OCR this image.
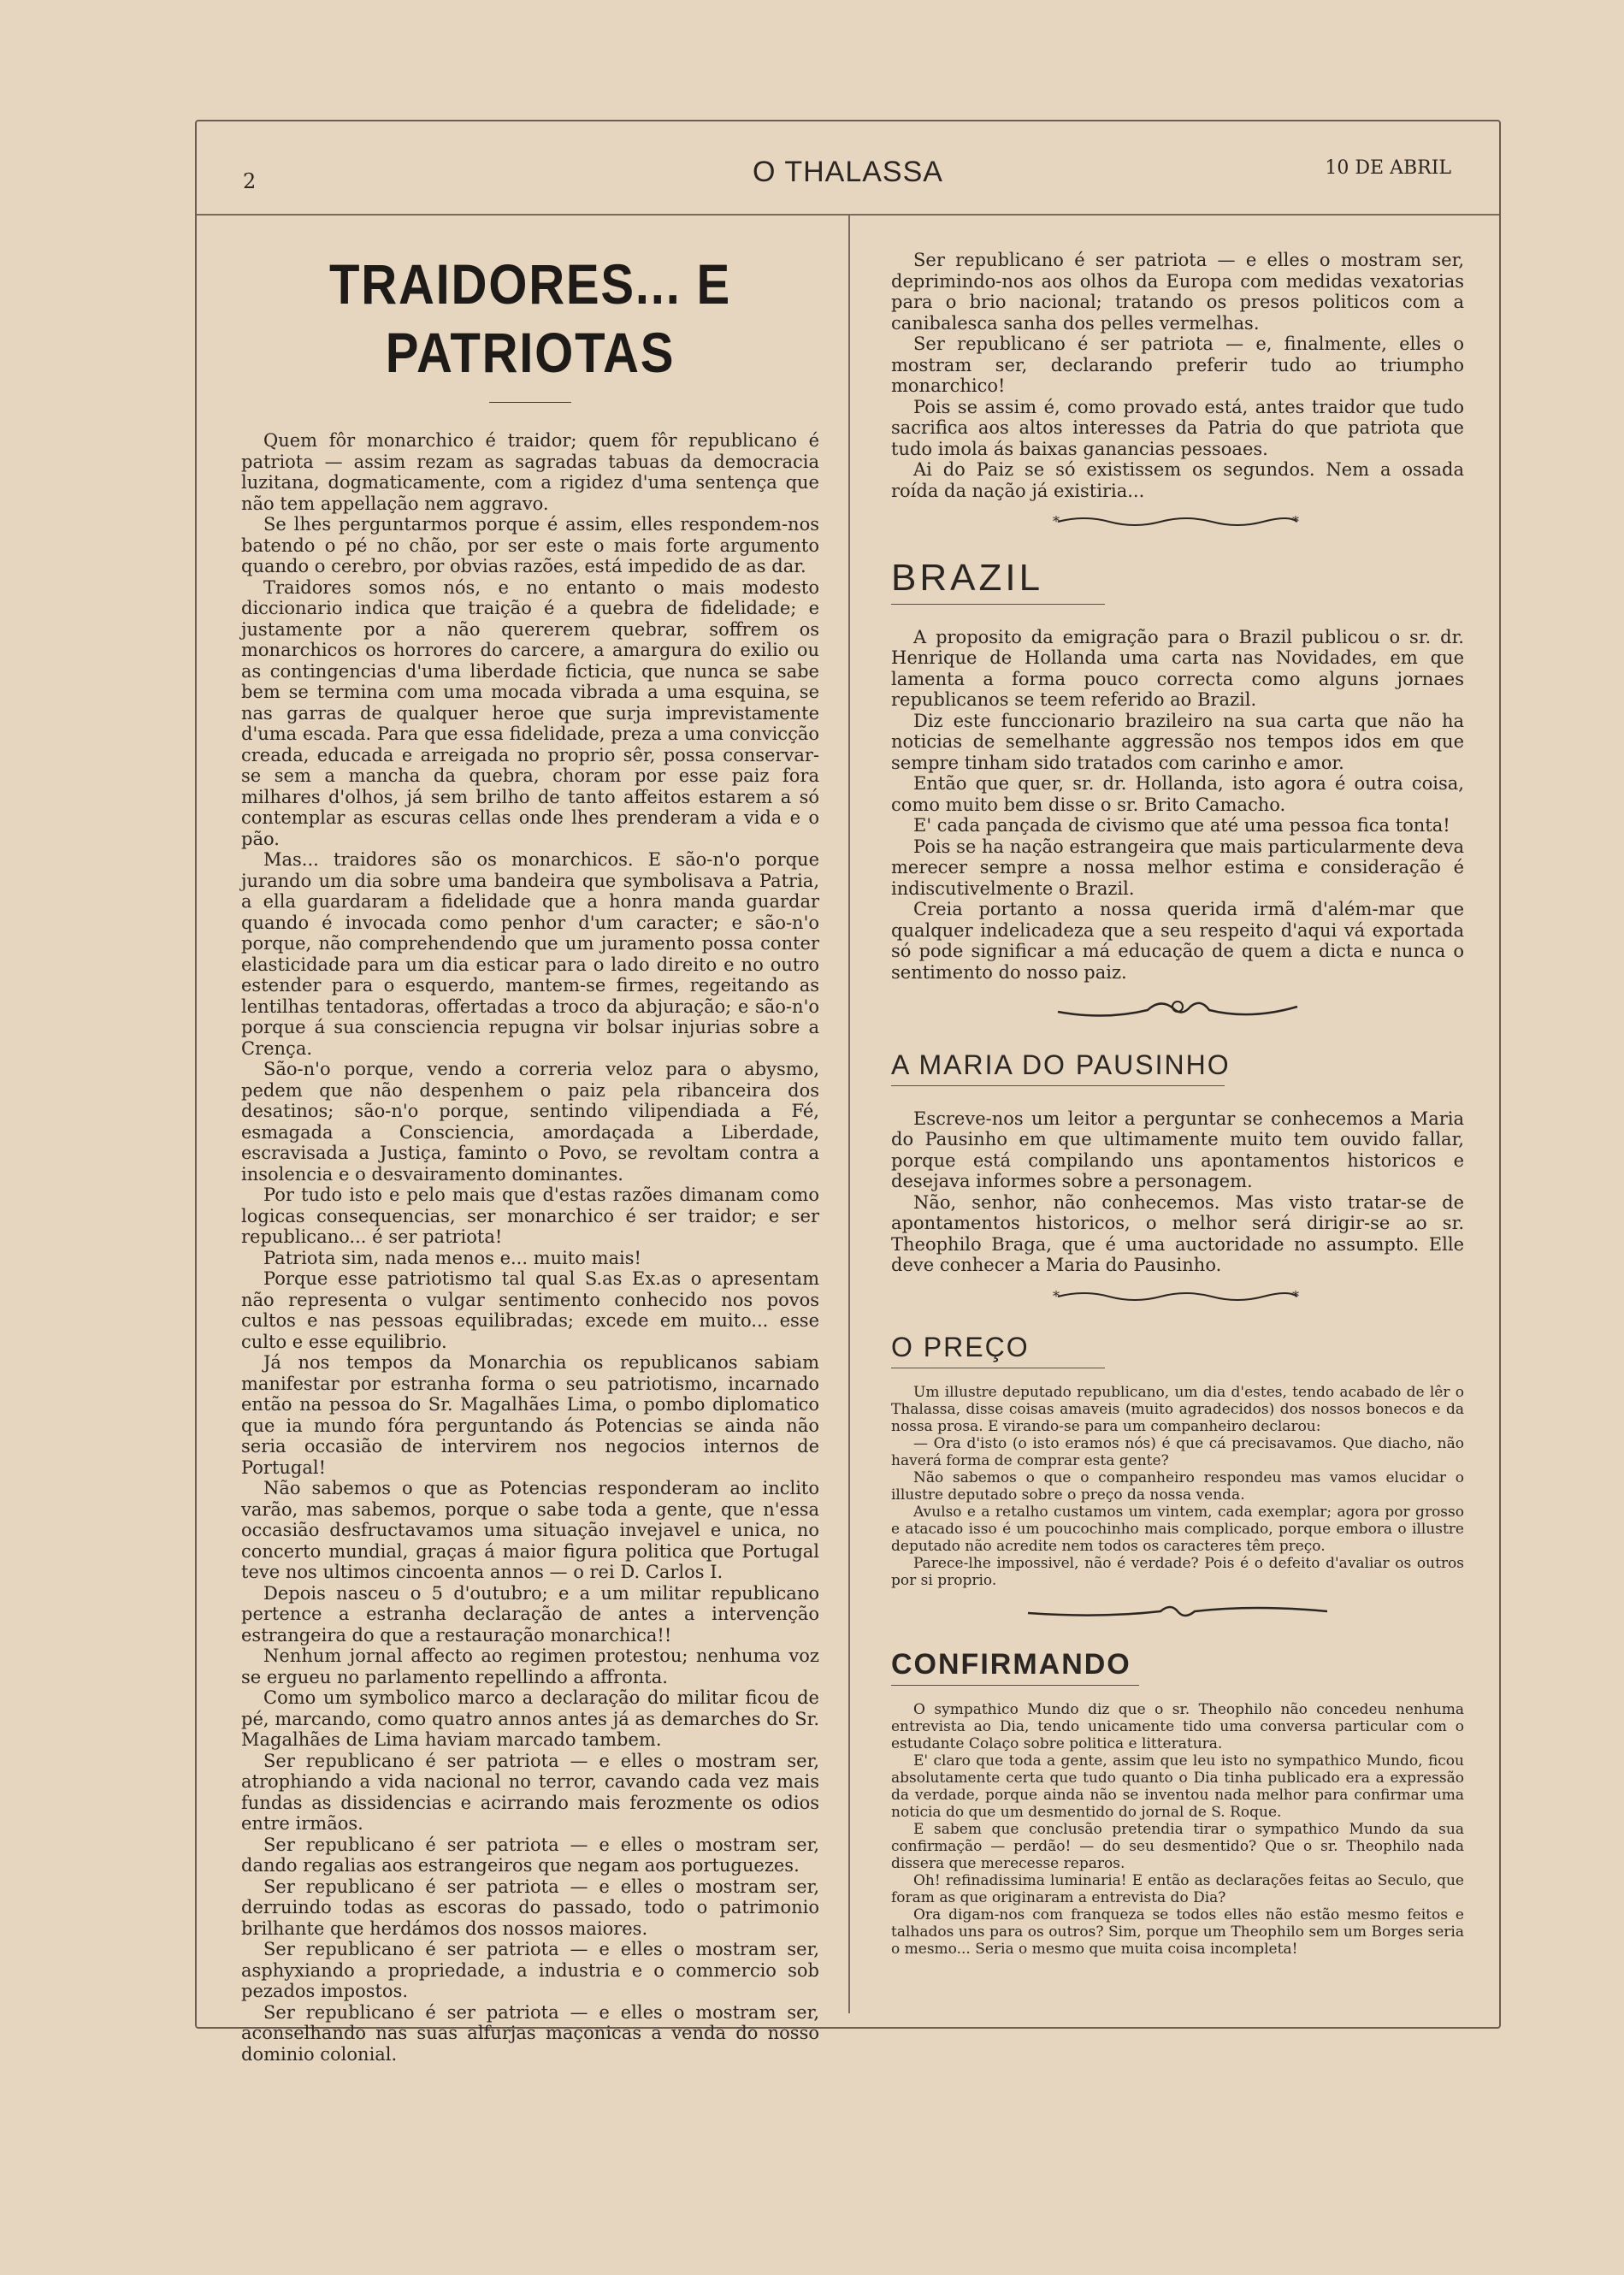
2	O THALASSA	10 DE ABRIL
TRAIDORES... E PATRIOTAS

Quem fôr monarchico é traidor; quem fôr republicano é patriota — assim rezam as sagradas tabuas da democracia luzitana, dogmaticamente, com a rigidez d'uma sentença que não tem appellação nem aggravo.

Se lhes perguntarmos porque é assim, elles respondem-nos batendo o pé no chão, por ser este o mais forte argumento quando o cerebro, por obvias razões, está impedido de as dar.

Traidores somos nós, e no entanto o mais modesto diccionario indica que traição é a quebra de fidelidade; e justamente por a não quererem quebrar, soffrem os monarchicos os horrores do carcere, a amargura do exilio ou as contingencias d'uma liberdade ficticia, que nunca se sabe bem se termina com uma mocada vibrada a uma esquina, se nas garras de qualquer heroe que surja imprevistamente d'uma escada. Para que essa fidelidade, preza a uma convicção creada, educada e arreigada no proprio sêr, possa conservar-se sem a mancha da quebra, choram por esse paiz fora milhares d'olhos, já sem brilho de tanto affeitos estarem a só contemplar as escuras cellas onde lhes prenderam a vida e o pão.

Mas... traidores são os monarchicos. E são-n'o porque jurando um dia sobre uma bandeira que symbolisava a Patria, a ella guardaram a fidelidade que a honra manda guardar quando é invocada como penhor d'um caracter; e são-n'o porque, não comprehendendo que um juramento possa conter elasticidade para um dia esticar para o lado direito e no outro estender para o esquerdo, mantem-se firmes, regeitando as lentilhas tentadoras, offertadas a troco da abjuração; e são-n'o porque á sua consciencia repugna vir bolsar injurias sobre a Crença.

São-n'o porque, vendo a correria veloz para o abysmo, pedem que não despenhem o paiz pela ribanceira dos desatinos; são-n'o porque, sentindo vilipendiada a Fé, esmagada a Consciencia, amordaçada a Liberdade, escravisada a Justiça, faminto o Povo, se revoltam contra a insolencia e o desvairamento dominantes.

Por tudo isto e pelo mais que d'estas razões dimanam como logicas consequencias, ser monarchico é ser traidor; e ser republicano... é ser patriota!

Patriota sim, nada menos e... muito mais!

Porque esse patriotismo tal qual S.as Ex.as o apresentam não representa o vulgar sentimento conhecido nos povos cultos e nas pessoas equilibradas; excede em muito... esse culto e esse equilibrio.

Já nos tempos da Monarchia os republicanos sabiam manifestar por estranha forma o seu patriotismo, incarnado então na pessoa do Sr. Magalhães Lima, o pombo diplomatico que ia mundo fóra perguntando ás Potencias se ainda não seria occasião de intervirem nos negocios internos de Portugal!

Não sabemos o que as Potencias responderam ao inclito varão, mas sabemos, porque o sabe toda a gente, que n'essa occasião desfructavamos uma situação invejavel e unica, no concerto mundial, graças á maior figura politica que Portugal teve nos ultimos cincoenta annos — o rei D. Carlos I.

Depois nasceu o 5 d'outubro; e a um militar republicano pertence a estranha declaração de antes a intervenção estrangeira do que a restauração monarchica!!

Nenhum jornal affecto ao regimen protestou; nenhuma voz se ergueu no parlamento repellindo a affronta.

Como um symbolico marco a declaração do militar ficou de pé, marcando, como quatro annos antes já as demarches do Sr. Magalhães de Lima haviam marcado tambem.

Ser republicano é ser patriota — e elles o mostram ser, atrophiando a vida nacional no terror, cavando cada vez mais fundas as dissidencias e acirrando mais ferozmente os odios entre irmãos.

Ser republicano é ser patriota — e elles o mostram ser, dando regalias aos estrangeiros que negam aos portuguezes.

Ser republicano é ser patriota — e elles o mostram ser, derruindo todas as escoras do passado, todo o patrimonio brilhante que herdámos dos nossos maiores.

Ser republicano é ser patriota — e elles o mostram ser, asphyxiando a propriedade, a industria e o commercio sob pezados impostos.

Ser republicano é ser patriota — e elles o mostram ser, aconselhando nas suas alfurjas maçonicas a venda do nosso dominio colonial.

Ser republicano é ser patriota — e elles o mostram ser, deprimindo-nos aos olhos da Europa com medidas vexatorias para o brio nacional; tratando os presos politicos com a canibalesca sanha dos pelles vermelhas.

Ser republicano é ser patriota — e, finalmente, elles o mostram ser, declarando preferir tudo ao triumpho monarchico!

Pois se assim é, como provado está, antes traidor que tudo sacrifica aos altos interesses da Patria do que patriota que tudo imola ás baixas ganancias pessoaes.

Ai do Paiz se só existissem os segundos. Nem a ossada roída da nação já existiria...

*	*
BRAZIL

A proposito da emigração para o Brazil publicou o sr. dr. Henrique de Hollanda uma carta nas Novidades, em que lamenta a forma pouco correcta como alguns jornaes republicanos se teem referido ao Brazil.

Diz este funccionario brazileiro na sua carta que não ha noticias de semelhante aggressão nos tempos idos em que sempre tinham sido tratados com carinho e amor.

Então que quer, sr. dr. Hollanda, isto agora é outra coisa, como muito bem disse o sr. Brito Camacho.

E' cada pançada de civismo que até uma pessoa fica tonta!

Pois se ha nação estrangeira que mais particularmente deva merecer sempre a nossa melhor estima e consideração é indiscutivelmente o Brazil.

Creia portanto a nossa querida irmã d'além-mar que qualquer indelicadeza que a seu respeito d'aqui vá exportada só pode significar a má educação de quem a dicta e nunca o sentimento do nosso paiz.

A MARIA DO PAUSINHO

Escreve-nos um leitor a perguntar se conhecemos a Maria do Pausinho em que ultimamente muito tem ouvido fallar, porque está compilando uns apontamentos historicos e desejava informes sobre a personagem.

Não, senhor, não conhecemos. Mas visto tratar-se de apontamentos historicos, o melhor será dirigir-se ao sr. Theophilo Braga, que é uma auctoridade no assumpto. Elle deve conhecer a Maria do Pausinho.

*	*
O PREÇO

Um illustre deputado republicano, um dia d'estes, tendo acabado de lêr o Thalassa, disse coisas amaveis (muito agradecidos) dos nossos bonecos e da nossa prosa. E virando-se para um companheiro declarou:

— Ora d'isto (o isto eramos nós) é que cá precisavamos. Que diacho, não haverá forma de comprar esta gente?

Não sabemos o que o companheiro respondeu mas vamos elucidar o illustre deputado sobre o preço da nossa venda.

Avulso e a retalho custamos um vintem, cada exemplar; agora por grosso e atacado isso é um poucochinho mais complicado, porque embora o illustre deputado não acredite nem todos os caracteres têm preço.

Parece-lhe impossivel, não é verdade? Pois é o defeito d'avaliar os outros por si proprio.

CONFIRMANDO

O sympathico Mundo diz que o sr. Theophilo não concedeu nenhuma entrevista ao Dia, tendo unicamente tido uma conversa particular com o estudante Colaço sobre politica e litteratura.

E' claro que toda a gente, assim que leu isto no sympathico Mundo, ficou absolutamente certa que tudo quanto o Dia tinha publicado era a expressão da verdade, porque ainda não se inventou nada melhor para confirmar uma noticia do que um desmentido do jornal de S. Roque.

E sabem que conclusão pretendia tirar o sympathico Mundo da sua confirmação — perdão! — do seu desmentido? Que o sr. Theophilo nada dissera que merecesse reparos.

Oh! refinadissima luminaria! E então as declarações feitas ao Seculo, que foram as que originaram a entrevista do Dia?

Ora digam-nos com franqueza se todos elles não estão mesmo feitos e talhados uns para os outros? Sim, porque um Theophilo sem um Borges seria o mesmo... Seria o mesmo que muita coisa incompleta!
